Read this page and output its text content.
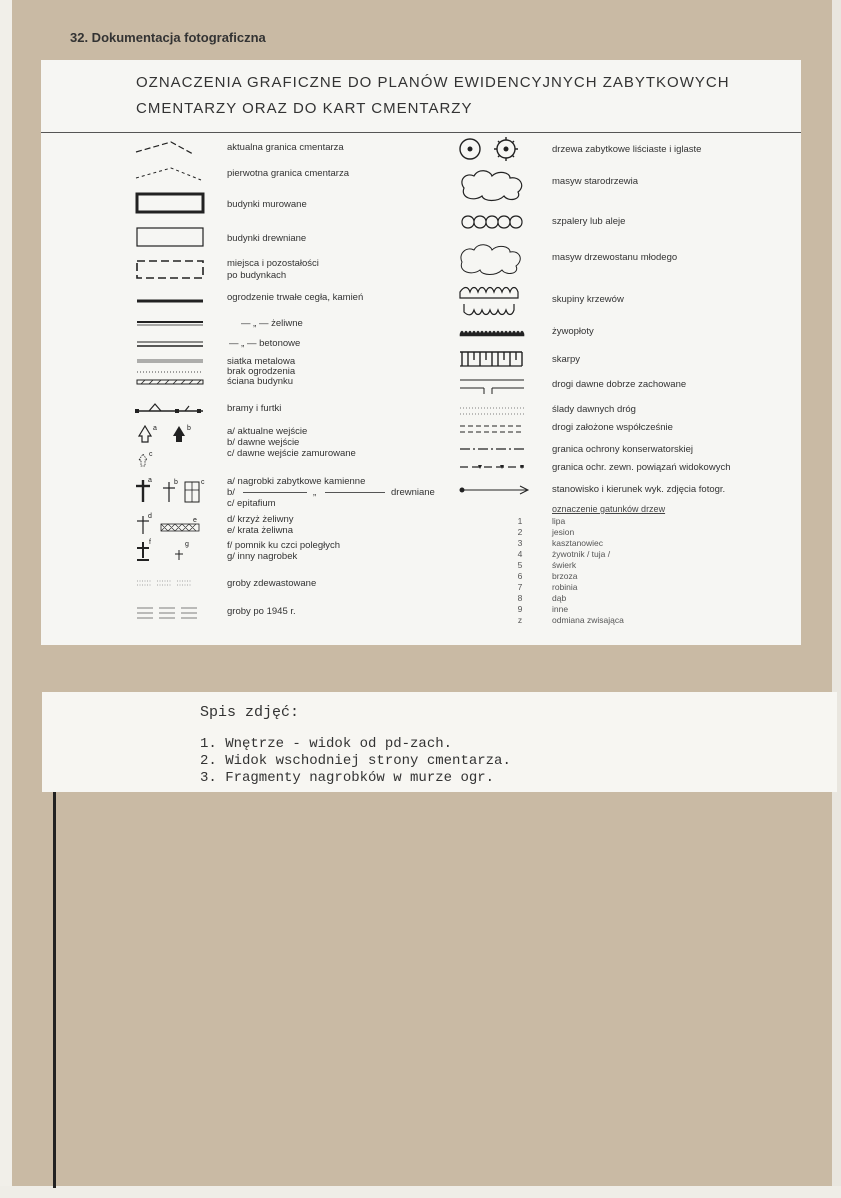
32. Dokumentacja fotograficzna
OZNACZENIA GRAFICZNE DO PLANÓW EWIDENCYJNYCH ZABYTKOWYCH
CMENTARZY ORAZ DO KART CMENTARZY
aktualna granica cmentarza
pierwotna granica cmentarza
budynki murowane
budynki drewniane
miejsca i pozostałości
po budynkach
ogrodzenie trwałe cegła, kamień
— „ — żeliwne
— „ — betonowe
siatka metalowa
brak ogrodzenia
ściana budynku
bramy i furtki
a	b
c
a/ aktualne wejście
b/ dawne wejście
c/ dawne wejście zamurowane
a	b	c a/ nagrobki zabytkowe kamienne
b/	„	drewniane
c/ epitafium
d
e	d/ krzyż żeliwny
e/ krata żeliwna
f	g	f/ pomnik ku czci poległych
g/ inny nagrobek
groby zdewastowane
groby po 1945 r.
drzewa zabytkowe liściaste i iglaste
masyw starodrzewia
szpalery lub aleje
masyw drzewostanu młodego
skupiny krzewów
żywopłoty
skarpy
drogi dawne dobrze zachowane
ślady dawnych dróg
drogi założone współcześnie
granica ochrony konserwatorskiej
granica ochr. zewn. powiązań widokowych
stanowisko i kierunek wyk. zdjęcia fotogr.
oznaczenie gatunków drzew
1	lipa
2	jesion
3	kasztanowiec
4	żywotnik / tuja /
5	świerk
6	brzoza
7	robinia
8	dąb
9	inne
z	odmiana zwisająca
Spis zdjęć:
1. Wnętrze - widok od pd-zach.
2. Widok wschodniej strony cmentarza.
3. Fragmenty nagrobków w murze ogr.
